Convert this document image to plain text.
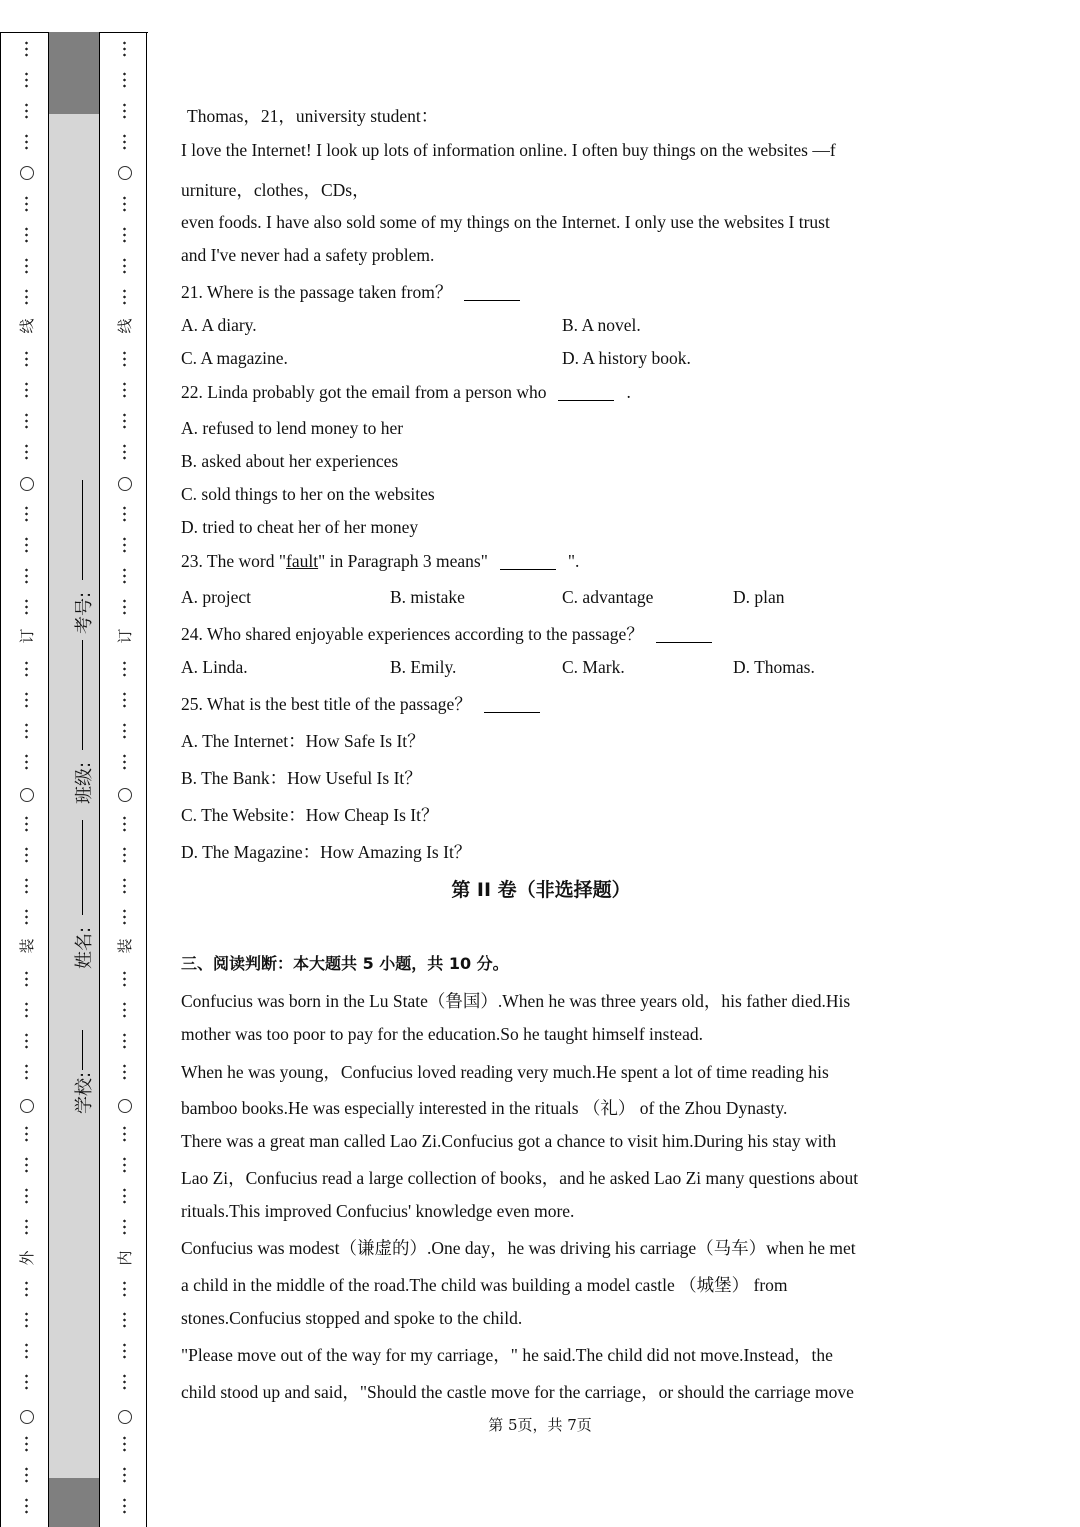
线
订
装
外
线
订
装
内
学校:
姓名:
班级:
考号:
Thomas，21，university student：
I love the Internet! I look up lots of information online. I often buy things on the websites —f
urniture，clothes，CDs，
even foods. I have also sold some of my things on the Internet. I only use the websites I trust
and I've never had a safety problem.
21. Where is the passage taken from？
A. A diary.	B. A novel.
C. A magazine.	D. A history book.
22. Linda probably got the email from a person who	.
A. refused to lend money to her
B. asked about her experiences
C. sold things to her on the websites
D. tried to cheat her of her money
23. The word "fault" in Paragraph 3 means"	".
A. project	B. mistake	C. advantage	D. plan
24. Who shared enjoyable experiences according to the passage？
A. Linda.	B. Emily.	C. Mark.	D. Thomas.
25. What is the best title of the passage？
A. The Internet：How Safe Is It？
B. The Bank：How Useful Is It？
C. The Website：How Cheap Is It？
D. The Magazine：How Amazing Is It？
第 II 卷（非选择题）
三、阅读判断：本大题共 5 小题，共 10 分。
Confucius was born in the Lu State（鲁国）.When he was three years old，his father died.His
mother was too poor to pay for the education.So he taught himself instead.
When he was young，Confucius loved reading very much.He spent a lot of time reading his
bamboo books.He was especially interested in the rituals （礼） of the Zhou Dynasty.
There was a great man called Lao Zi.Confucius got a chance to visit him.During his stay with
Lao Zi，Confucius read a large collection of books，and he asked Lao Zi many questions about
rituals.This improved Confucius' knowledge even more.
Confucius was modest（谦虚的）.One day，he was driving his carriage（马车）when he met
a child in the middle of the road.The child was building a model castle （城堡） from
stones.Confucius stopped and spoke to the child.
"Please move out of the way for my carriage，" he said.The child did not move.Instead，the
child stood up and said，"Should the castle move for the carriage，or should the carriage move
第 5页，共 7页
